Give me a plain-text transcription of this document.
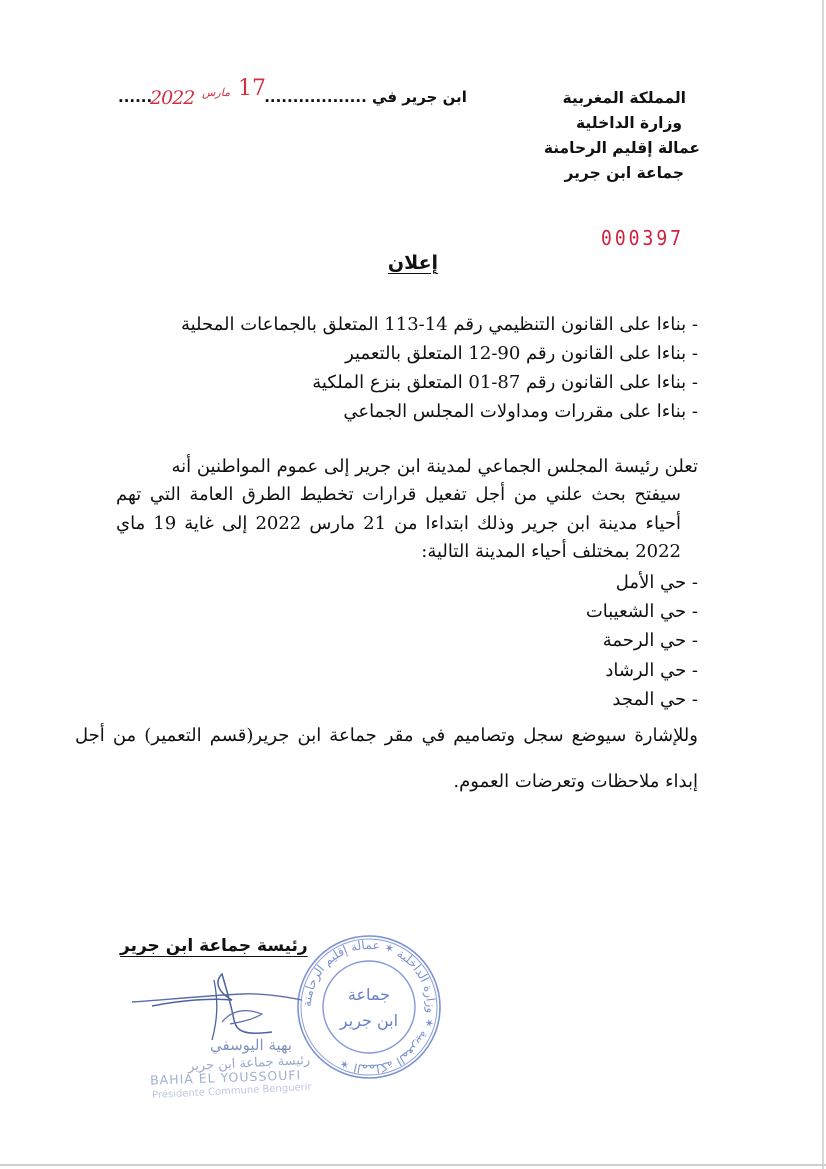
المملكة المغربية
وزارة الداخلية
عمالة إقليم الرحامنة
جماعة ابن جرير
ابن جرير في ........................	17
مارس
2022
000397
إعلان
- بناءا على القانون التنظيمي رقم 14-113 المتعلق بالجماعات المحلية
- بناءا على القانون رقم 90-12 المتعلق بالتعمير
- بناءا على القانون رقم 87-01 المتعلق بنزع الملكية
- بناءا على مقررات ومداولات المجلس الجماعي
تعلن رئيسة المجلس الجماعي لمدينة ابن جرير إلى عموم المواطنين أنه
سيفتح بحث علني من أجل تفعيل قرارات تخطيط الطرق العامة التي تهم أحياء مدينة ابن جرير وذلك ابتداءا من 21 مارس 2022 إلى غاية 19 ماي 2022 بمختلف أحياء المدينة التالية:
- حي الأمل
- حي الشعيبات
- حي الرحمة
- حي الرشاد
- حي المجد
وللإشارة سيوضع سجل وتصاميم في مقر جماعة ابن جرير(قسم التعمير) من أجل إبداء ملاحظات وتعرضات العموم.
رئيسة جماعة ابن جرير
بهية اليوسفي
رئيسة جماعة ابن جرير
BAHIA EL YOUSSOUFI
Présidente Commune Benguerir
المملكة المغربية ✶ وزارة الداخلية ✶ عمالة إقليم الرحامنة ✶
جماعة
ابن جرير
